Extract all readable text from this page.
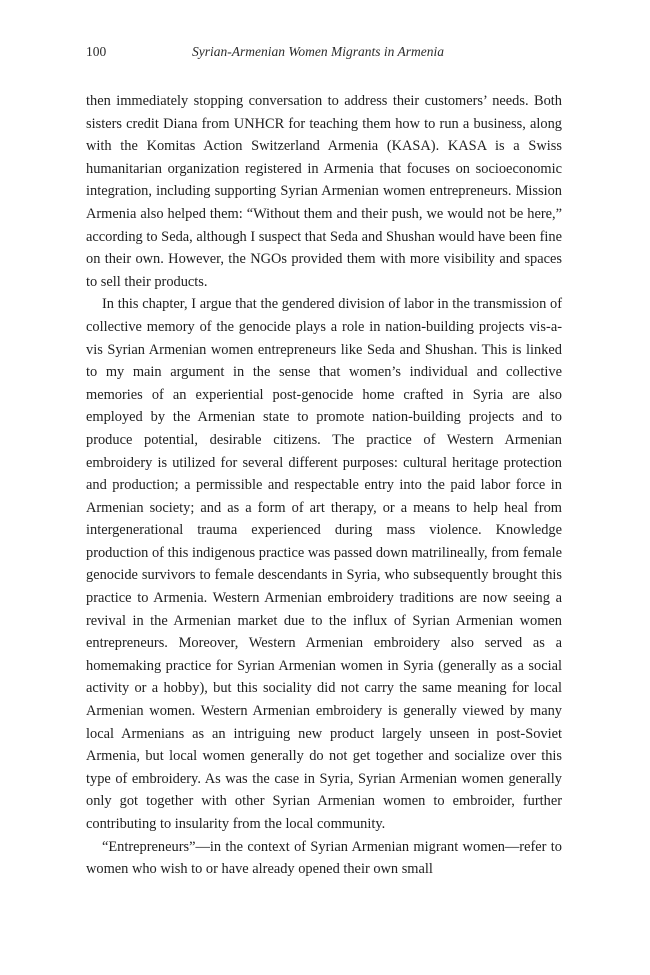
100	Syrian-Armenian Women Migrants in Armenia

then immediately stopping conversation to address their customers’ needs. Both sisters credit Diana from UNHCR for teaching them how to run a business, along with the Komitas Action Switzerland Armenia (KASA). KASA is a Swiss humanitarian organization registered in Armenia that focuses on socioeconomic integration, including supporting Syrian Armenian women entrepreneurs. Mission Armenia also helped them: “Without them and their push, we would not be here,” according to Seda, although I suspect that Seda and Shushan would have been fine on their own. However, the NGOs provided them with more visibility and spaces to sell their products.

In this chapter, I argue that the gendered division of labor in the transmission of collective memory of the genocide plays a role in nation-building projects vis-a-vis Syrian Armenian women entrepreneurs like Seda and Shushan. This is linked to my main argument in the sense that women’s individual and collective memories of an experiential post-genocide home crafted in Syria are also employed by the Armenian state to promote nation-building projects and to produce potential, desirable citizens. The practice of Western Armenian embroidery is utilized for several different purposes: cultural heritage protection and production; a permissible and respectable entry into the paid labor force in Armenian society; and as a form of art therapy, or a means to help heal from intergenerational trauma experienced during mass violence. Knowledge production of this indigenous practice was passed down matrilineally, from female genocide survivors to female descendants in Syria, who subsequently brought this practice to Armenia. Western Armenian embroidery traditions are now seeing a revival in the Armenian market due to the influx of Syrian Armenian women entrepreneurs. Moreover, Western Armenian embroidery also served as a homemaking practice for Syrian Armenian women in Syria (generally as a social activity or a hobby), but this sociality did not carry the same meaning for local Armenian women. Western Armenian embroidery is generally viewed by many local Armenians as an intriguing new product largely unseen in post-Soviet Armenia, but local women generally do not get together and socialize over this type of embroidery. As was the case in Syria, Syrian Armenian women generally only got together with other Syrian Armenian women to embroider, further contributing to insularity from the local community.

“Entrepreneurs”—in the context of Syrian Armenian migrant women—refer to women who wish to or have already opened their own small
